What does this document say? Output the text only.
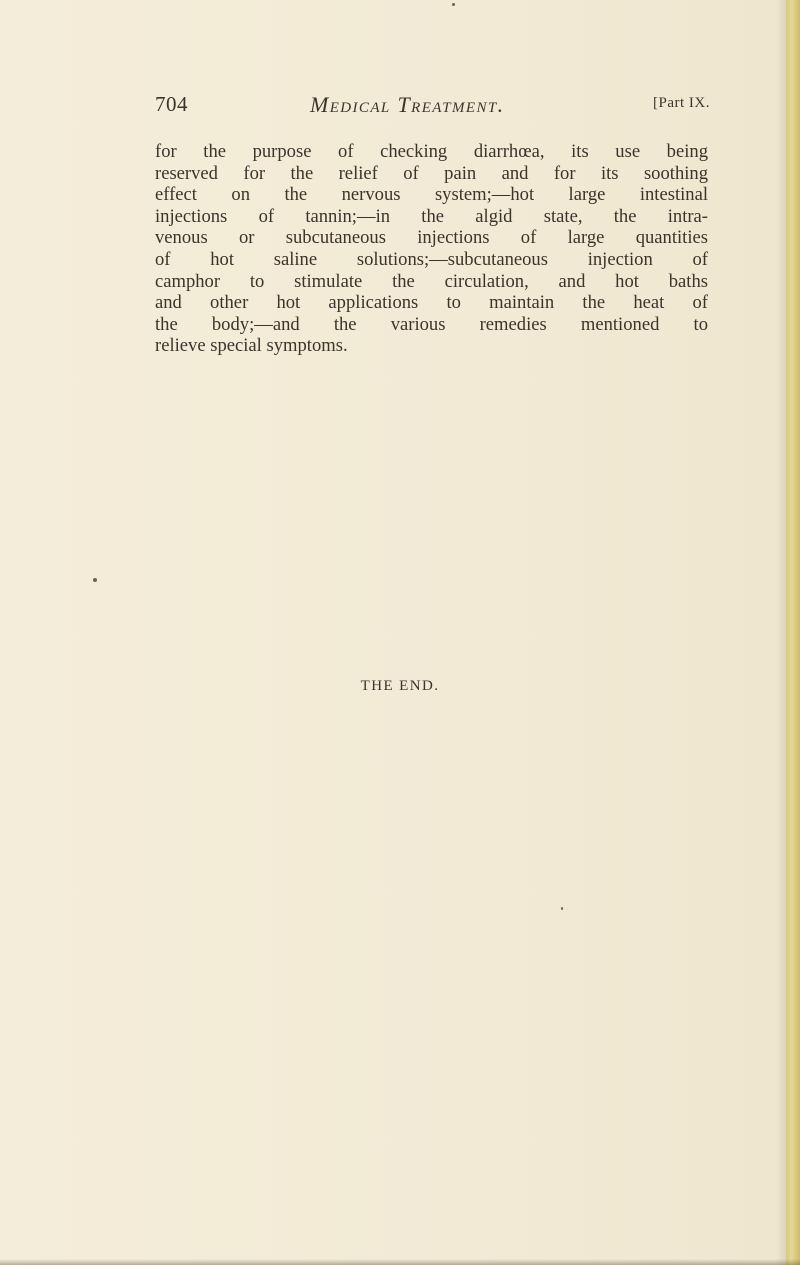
704	Medical Treatment.	[Part IX.

for the purpose of checking diarrhœa, its use being
reserved for the relief of pain and for its soothing
effect on the nervous system;—hot large intestinal
injections of tannin;—in the algid state, the intra-
venous or subcutaneous injections of large quantities
of hot saline solutions;—subcutaneous injection of
camphor to stimulate the circulation, and hot baths
and other hot applications to maintain the heat of
the body;—and the various remedies mentioned to
relieve special symptoms.

THE END.
